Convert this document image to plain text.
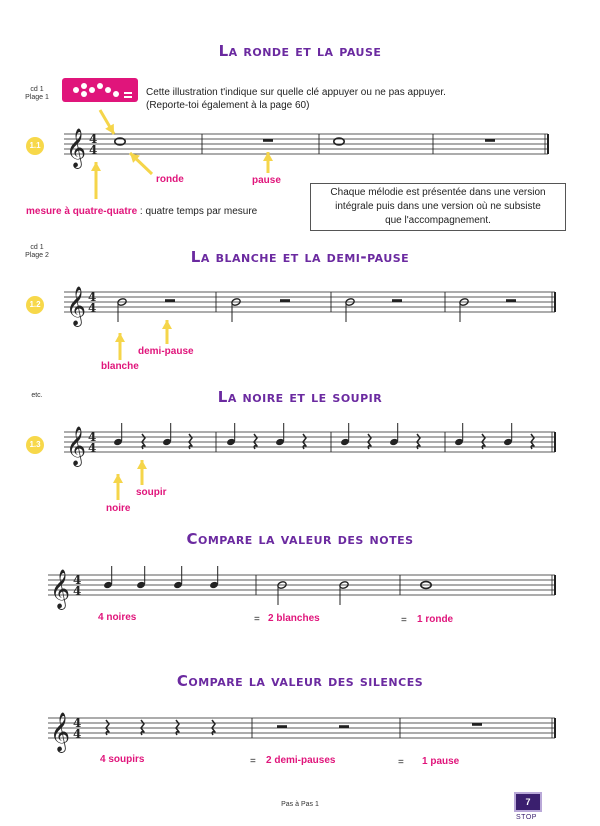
La ronde et la pause
La blanche et la demi-pause
La noire et le soupir
Compare la valeur des notes
Compare la valeur des silences
cd 1
Plage 1
cd 1
Plage 2
etc.
1.1
1.2
1.3
Cette illustration t'indique sur quelle clé appuyer ou ne pas appuyer.
(Reporte-toi également à la page 60)
Chaque mélodie est présentée dans une version
intégrale puis dans une version où ne subsiste
que l'accompagnement.
ronde	pause
mesure à quatre-quatre : quatre temps par mesure
demi-pause
blanche
soupir
noire
4 noires	= 2 blanches	= 1 ronde
4 soupirs	= 2 demi-pauses	= 1 pause
Pas à Pas 1	7
STOP
𝄞 4
4
𝄞 4
4
𝄞 4
4
𝄞 4
4
𝄞 4
4
